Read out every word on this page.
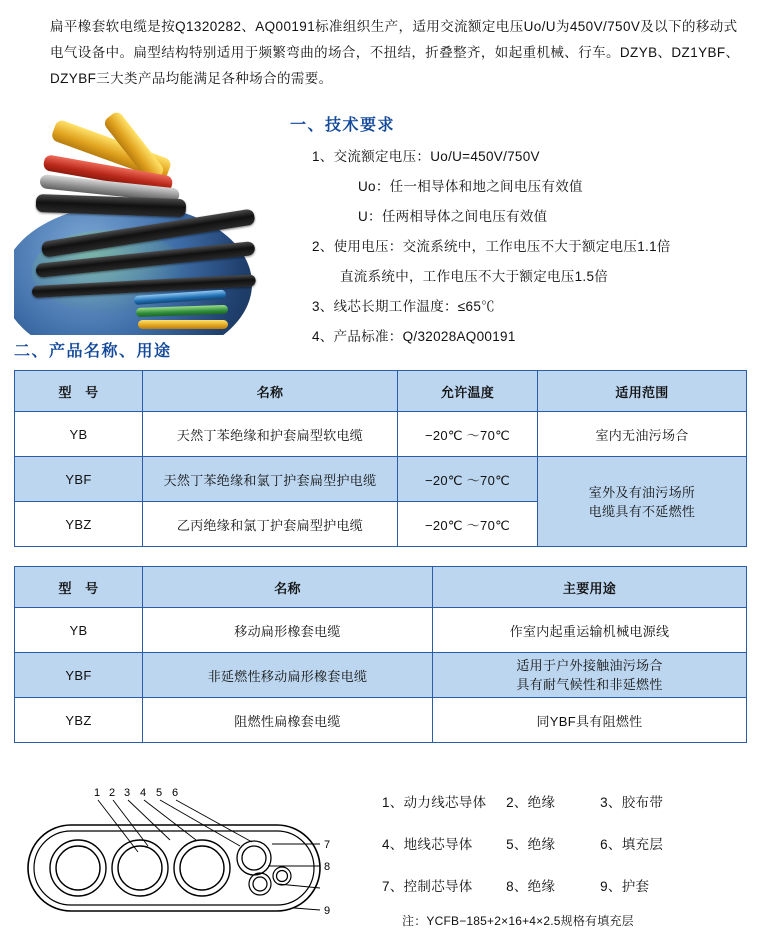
扁平橡套软电缆是按Q1320282、AQ00191标准组织生产，适用交流额定电压Uo/U为450V/750V及以下的移动式电气设备中。扁型结构特别适用于频繁弯曲的场合，不扭结，折叠整齐，如起重机械、行车。DZYB、DZ1YBF、DZYBF三大类产品均能满足各种场合的需要。
一、技术要求
二、产品名称、用途
1、交流额定电压：Uo/U=450V/750V
Uo：任一相导体和地之间电压有效值
U：任两相导体之间电压有效值
2、使用电压：交流系统中，工作电压不大于额定电压1.1倍
直流系统中，工作电压不大于额定电压1.5倍
3、线芯长期工作温度：≤65℃
4、产品标准：Q/32028AQ00191
型　号	名称	允许温度	适用范围
YB	天然丁苯绝缘和护套扁型软电缆	−20℃ ～70℃	室内无油污场合
YBF	天然丁苯绝缘和氯丁护套扁型护电缆	−20℃ ～70℃	室外及有油污场所
电缆具有不延燃性

YBZ	乙丙绝缘和氯丁护套扁型护电缆	−20℃ ～70℃	
型　号	名称	主要用途
YB	移动扁形橡套电缆	作室内起重运输机械电源线
YBF	非延燃性移动扁形橡套电缆	适用于户外接触油污场合
具有耐气候性和非延燃性

YBZ	阻燃性扁橡套电缆	同YBF具有阻燃性
1 2 3 4 5 6
7
8
9
1、动力线芯导体 2、绝缘	3、胶布带
4、地线芯导体 5、绝缘	6、填充层
7、控制芯导体 8、绝缘	9、护套
注：YCFB−185+2×16+4×2.5规格有填充层
